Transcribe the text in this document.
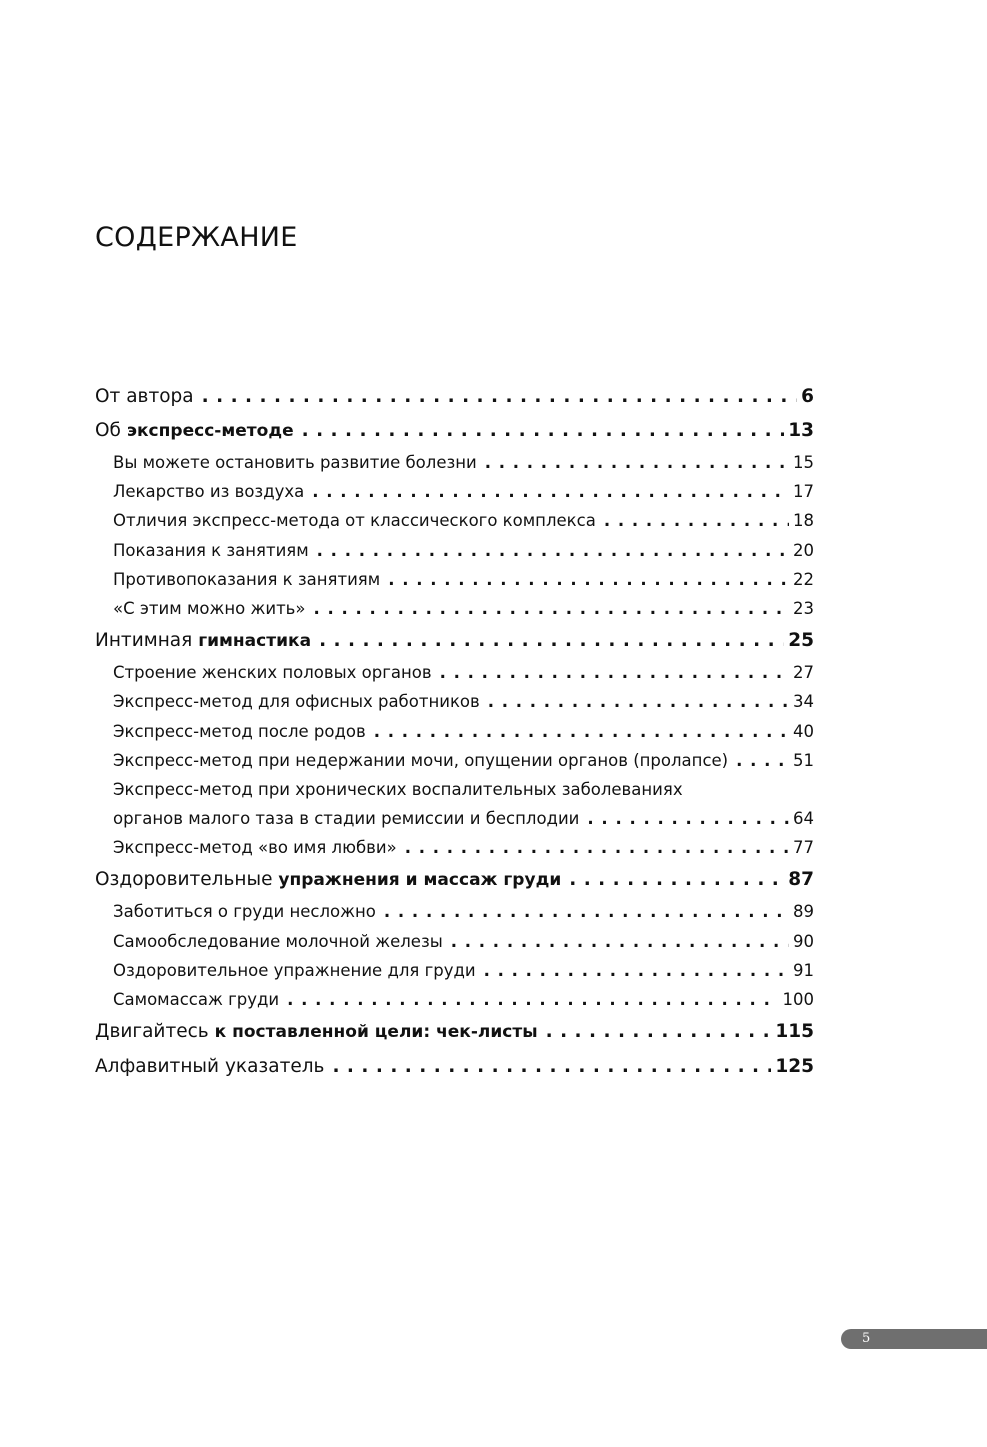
СОДЕРЖАНИЕ
От автора . . .	6
Об экспресс-методе . . .	13
Вы можете остановить развитие болезни . . .	15
Лекарство из воздуха . . .	17
Отличия экспресс-метода от классического комплекса . . .	18
Показания к занятиям . . .	20
Противопоказания к занятиям . . .	22
«С этим можно жить» . . .	23
Интимная гимнастика . . .	25
Строение женских половых органов . . .	27
Экспресс-метод для офисных работников . . .	34
Экспресс-метод после родов . . .	40
Экспресс-метод при недержании мочи, опущении органов (пролапсе) . . .	51
Экспресс-метод при хронических воспалительных заболеваниях
органов малого таза в стадии ремиссии и бесплодии . . .	64
Экспресс-метод «во имя любви» . . .	77
Оздоровительные упражнения и массаж груди . . .	87
Заботиться о груди несложно . . .	89
Самообследование молочной железы . . .	90
Оздоровительное упражнение для груди . . .	91
Самомассаж груди . . .	100
Двигайтесь к поставленной цели: чек-листы . . .	115
Алфавитный указатель . . .	125
5
